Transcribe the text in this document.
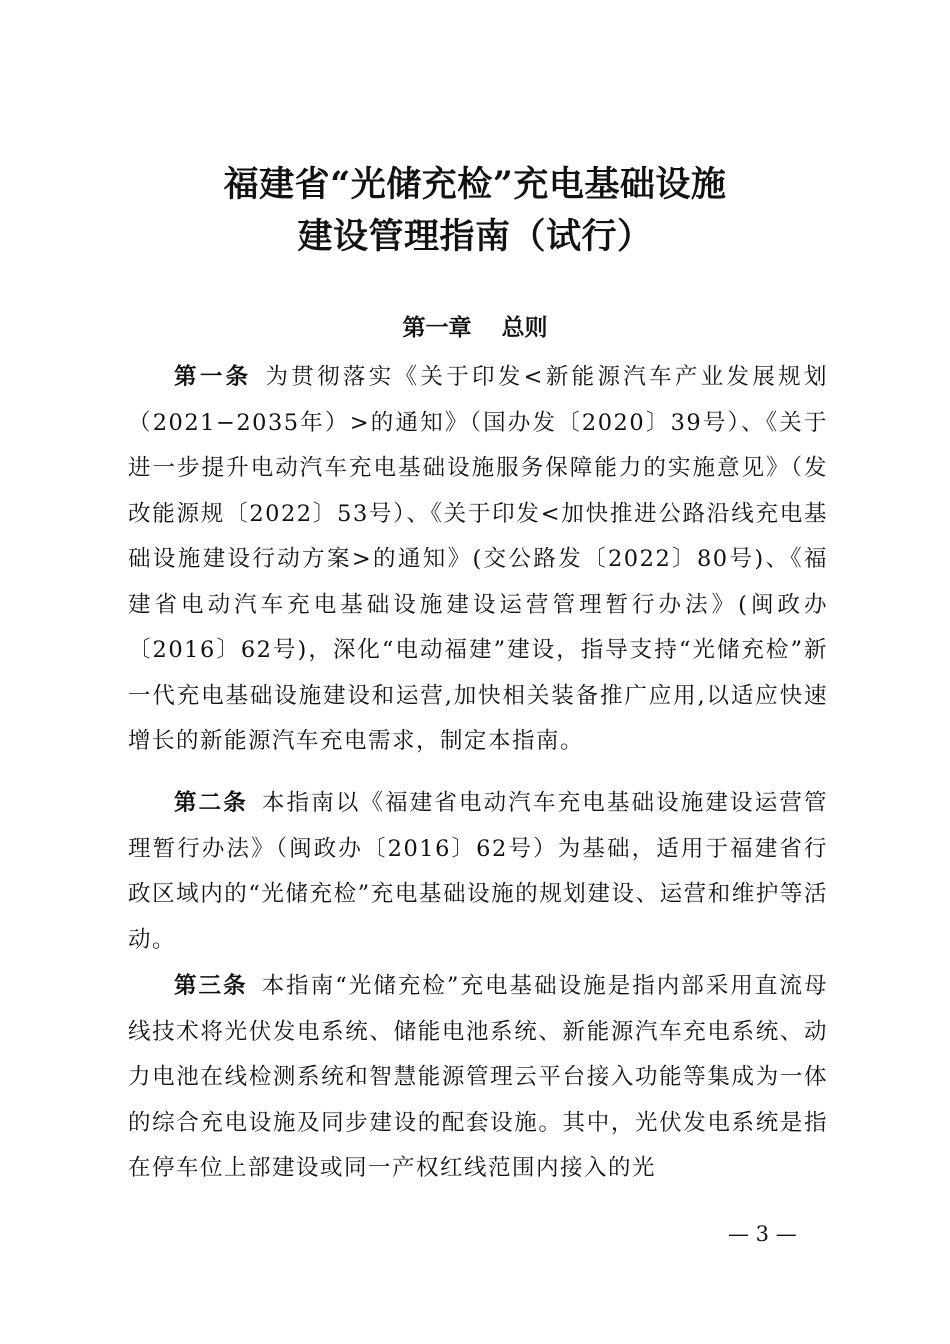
福建省“光储充检”充电基础设施
建设管理指南（试行）
第一章 总则
第一条 为贯彻落实《关于印发<新能源汽车产业发展规划（2021−2035年）>的通知》（国办发〔2020〕39号）、《关于进一步提升电动汽车充电基础设施服务保障能力的实施意见》（发改能源规〔2022〕53号）、《关于印发<加快推进公路沿线充电基础设施建设行动方案>的通知》(交公路发〔2022〕80号)、《福建省电动汽车充电基础设施建设运营管理暂行办法》(闽政办〔2016〕62号)，深化“电动福建”建设，指导支持“光储充检”新一代充电基础设施建设和运营,加快相关装备推广应用,以适应快速增长的新能源汽车充电需求，制定本指南。
第二条 本指南以《福建省电动汽车充电基础设施建设运营管理暂行办法》（闽政办〔2016〕62号）为基础，适用于福建省行政区域内的“光储充检”充电基础设施的规划建设、运营和维护等活动。
第三条 本指南“光储充检”充电基础设施是指内部采用直流母线技术将光伏发电系统、储能电池系统、新能源汽车充电系统、动力电池在线检测系统和智慧能源管理云平台接入功能等集成为一体的综合充电设施及同步建设的配套设施。其中，光伏发电系统是指在停车位上部建设或同一产权红线范围内接入的光
— 3 —
